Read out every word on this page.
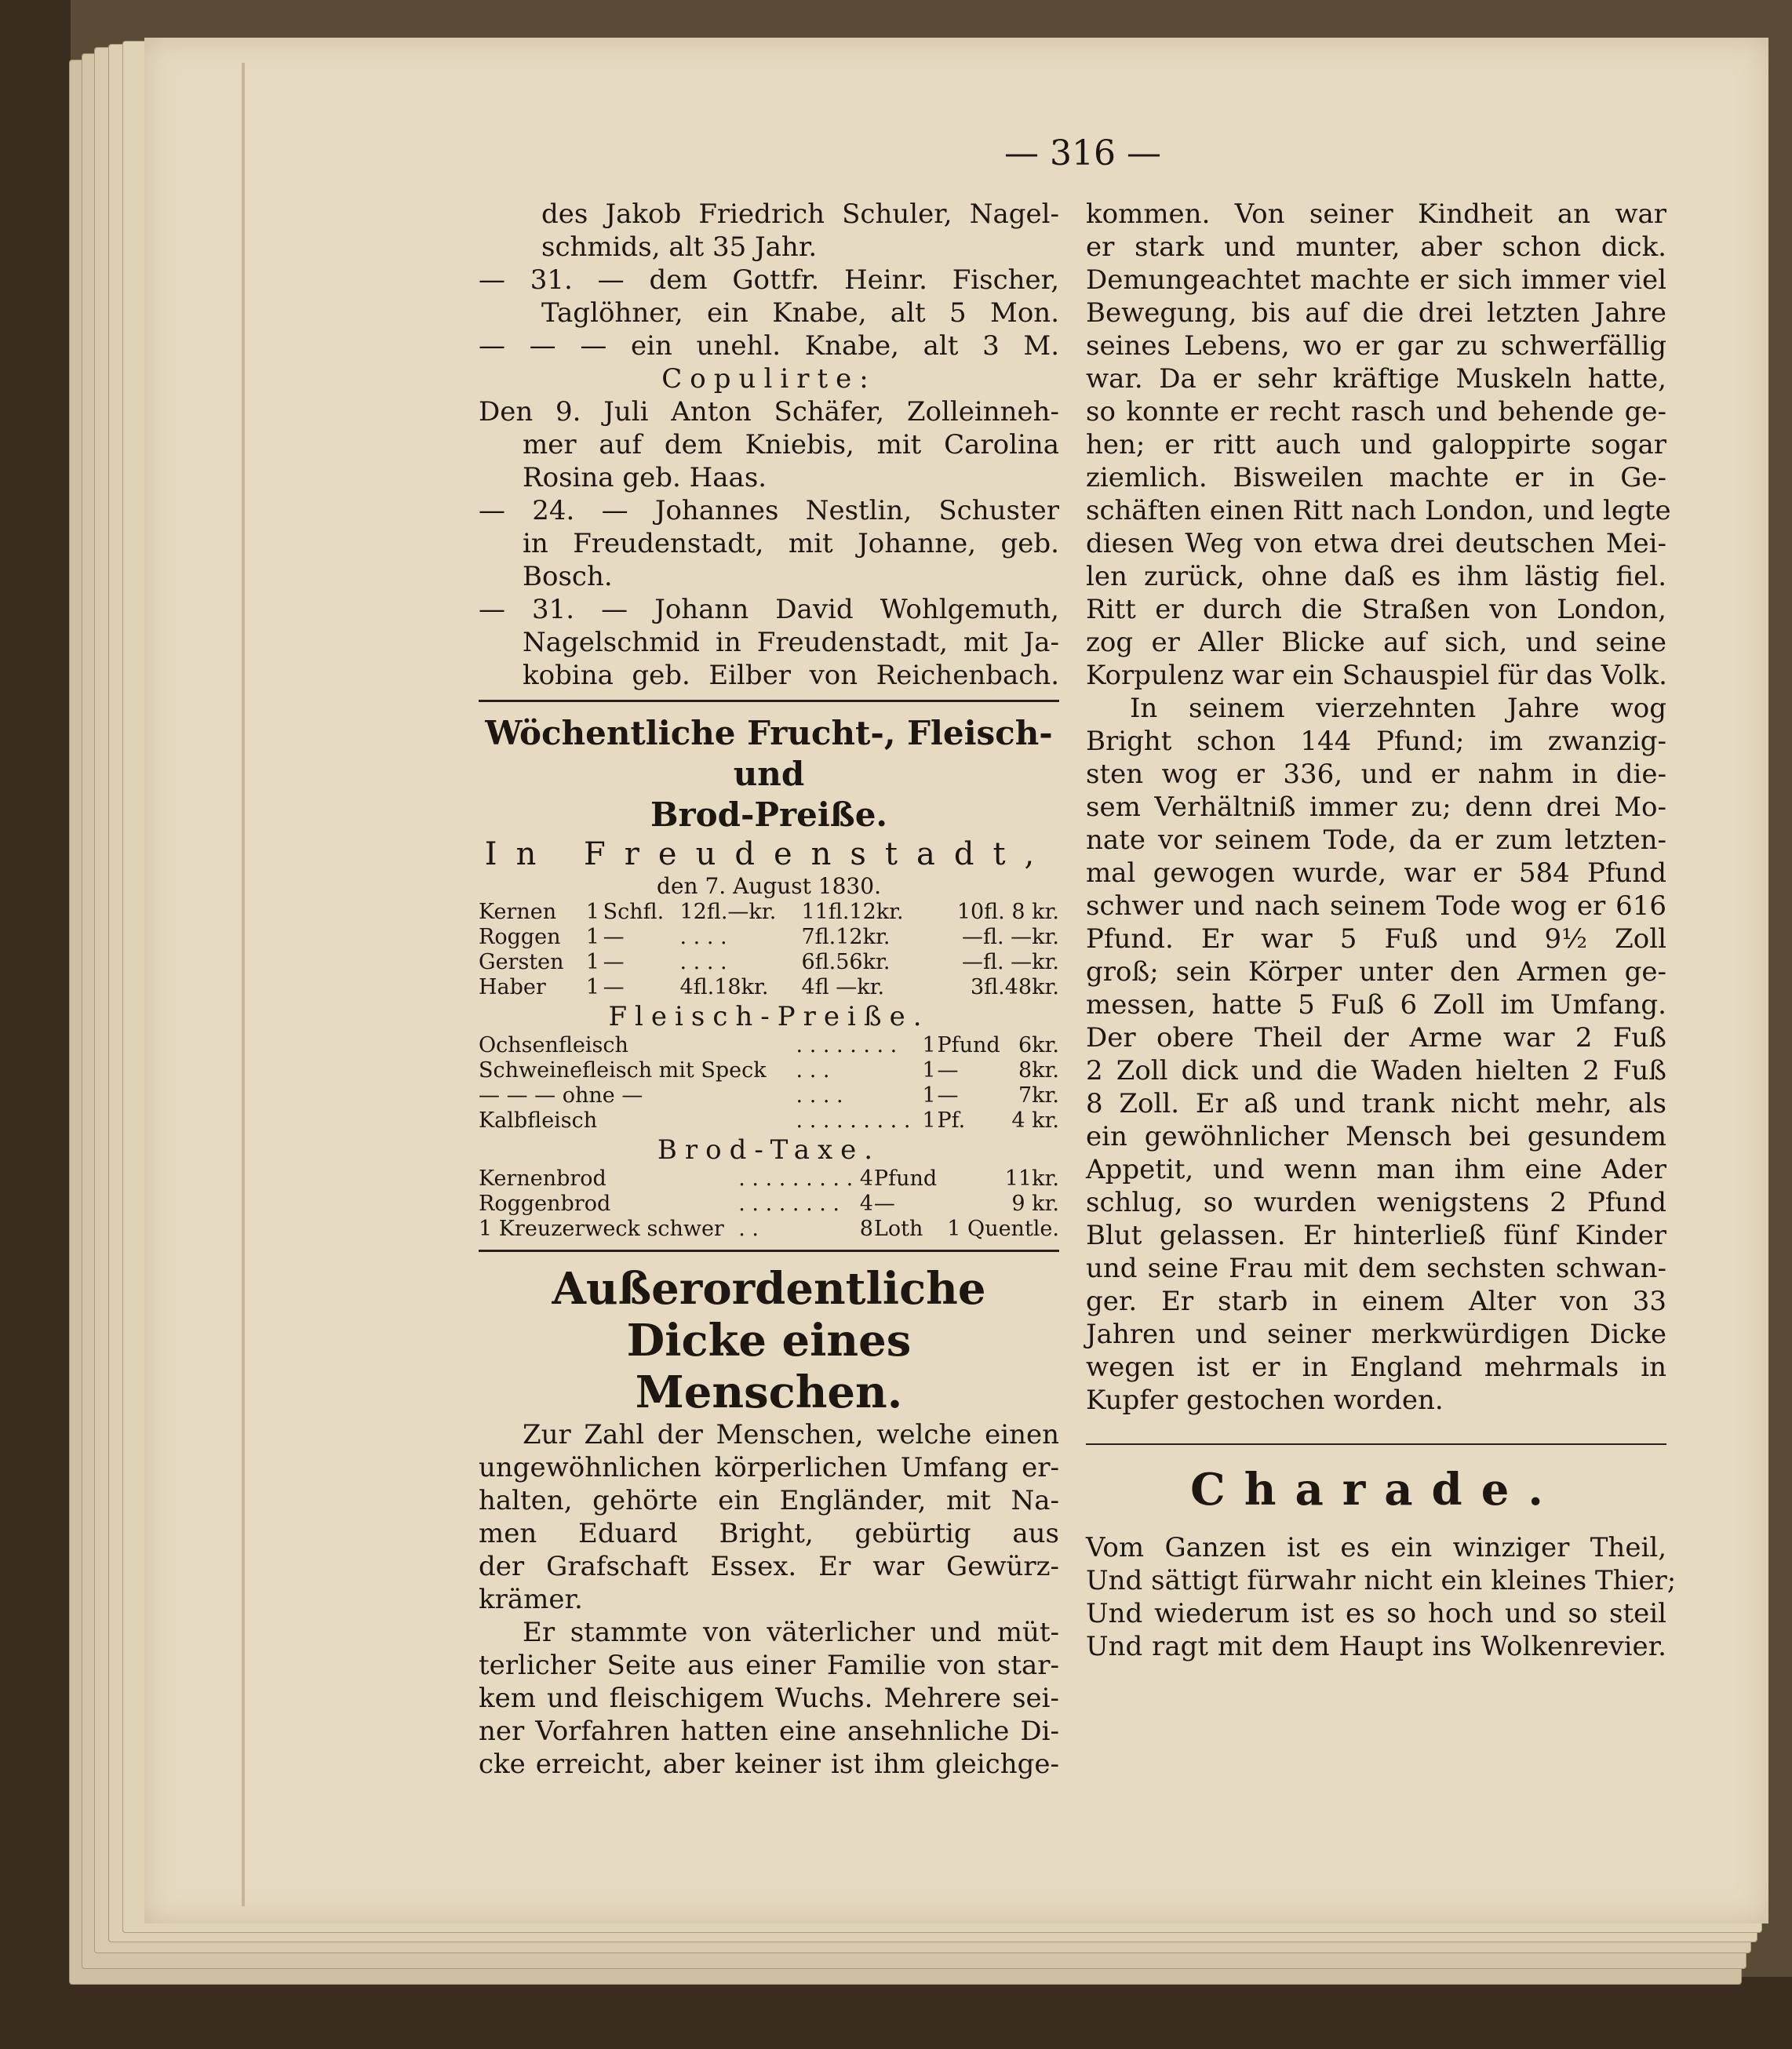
— 316 —
des Jakob Friedrich Schuler, Nagel-
schmids, alt 35 Jahr.
— 31. — dem Gottfr. Heinr. Fischer,
Taglöhner, ein Knabe, alt 5 Mon.
— — — ein unehl. Knabe, alt 3 M.
Copulirte:
Den 9. Juli Anton Schäfer, Zolleinneh-
mer auf dem Kniebis, mit Carolina
Rosina geb. Haas.
— 24. — Johannes Nestlin, Schuster
in Freudenstadt, mit Johanne, geb.
Bosch.
— 31. — Johann David Wohlgemuth,
Nagelschmid in Freudenstadt, mit Ja-
kobina geb. Eilber von Reichenbach.
Wöchentliche Frucht-, Fleisch- und
Brod-Preiße.
In Freudenstadt,
den 7. August 1830.
Kernen	1	Schfl.	12fl.—kr.	11fl.12kr.	10fl. 8 kr.
Roggen	1	—	. . . .	7fl.12kr.	—fl. —kr.
Gersten	1	—	. . . .	6fl.56kr.	—fl. —kr.
Haber	1	—	4fl.18kr.	4fl —kr.	3fl.48kr.
Fleisch-Preiße.
Ochsenfleisch	. . . . . . . .	1	Pfund	6kr.
Schweinefleisch mit Speck	. . .	1	—	8kr.
— — — ohne —	. . . .	1	—	7kr.
Kalbfleisch	. . . . . . . . .	1	Pf.	4 kr.
Brod-Taxe.
Kernenbrod	. . . . . . . . .	4	Pfund	11kr.
Roggenbrod	. . . . . . . .	4	—	9 kr.
1 Kreuzerweck schwer	. .	8	Loth	1 Quentle.
Außerordentliche Dicke eines
Menschen.
Zur Zahl der Menschen, welche einen
ungewöhnlichen körperlichen Umfang er-
halten, gehörte ein Engländer, mit Na-
men Eduard Bright, gebürtig aus
der Grafschaft Essex. Er war Gewürz-
krämer.
Er stammte von väterlicher und müt-
terlicher Seite aus einer Familie von star-
kem und fleischigem Wuchs. Mehrere sei-
ner Vorfahren hatten eine ansehnliche Di-
cke erreicht, aber keiner ist ihm gleichge-
kommen. Von seiner Kindheit an war
er stark und munter, aber schon dick.
Demungeachtet machte er sich immer viel
Bewegung, bis auf die drei letzten Jahre
seines Lebens, wo er gar zu schwerfällig
war. Da er sehr kräftige Muskeln hatte,
so konnte er recht rasch und behende ge-
hen; er ritt auch und galoppirte sogar
ziemlich. Bisweilen machte er in Ge-
schäften einen Ritt nach London, und legte
diesen Weg von etwa drei deutschen Mei-
len zurück, ohne daß es ihm lästig fiel.
Ritt er durch die Straßen von London,
zog er Aller Blicke auf sich, und seine
Korpulenz war ein Schauspiel für das Volk.
In seinem vierzehnten Jahre wog
Bright schon 144 Pfund; im zwanzig-
sten wog er 336, und er nahm in die-
sem Verhältniß immer zu; denn drei Mo-
nate vor seinem Tode, da er zum letzten-
mal gewogen wurde, war er 584 Pfund
schwer und nach seinem Tode wog er 616
Pfund. Er war 5 Fuß und 9½ Zoll
groß; sein Körper unter den Armen ge-
messen, hatte 5 Fuß 6 Zoll im Umfang.
Der obere Theil der Arme war 2 Fuß
2 Zoll dick und die Waden hielten 2 Fuß
8 Zoll. Er aß und trank nicht mehr, als
ein gewöhnlicher Mensch bei gesundem
Appetit, und wenn man ihm eine Ader
schlug, so wurden wenigstens 2 Pfund
Blut gelassen. Er hinterließ fünf Kinder
und seine Frau mit dem sechsten schwan-
ger. Er starb in einem Alter von 33
Jahren und seiner merkwürdigen Dicke
wegen ist er in England mehrmals in
Kupfer gestochen worden.
Charade.
Vom Ganzen ist es ein winziger Theil,
Und sättigt fürwahr nicht ein kleines Thier;
Und wiederum ist es so hoch und so steil
Und ragt mit dem Haupt ins Wolkenrevier.
